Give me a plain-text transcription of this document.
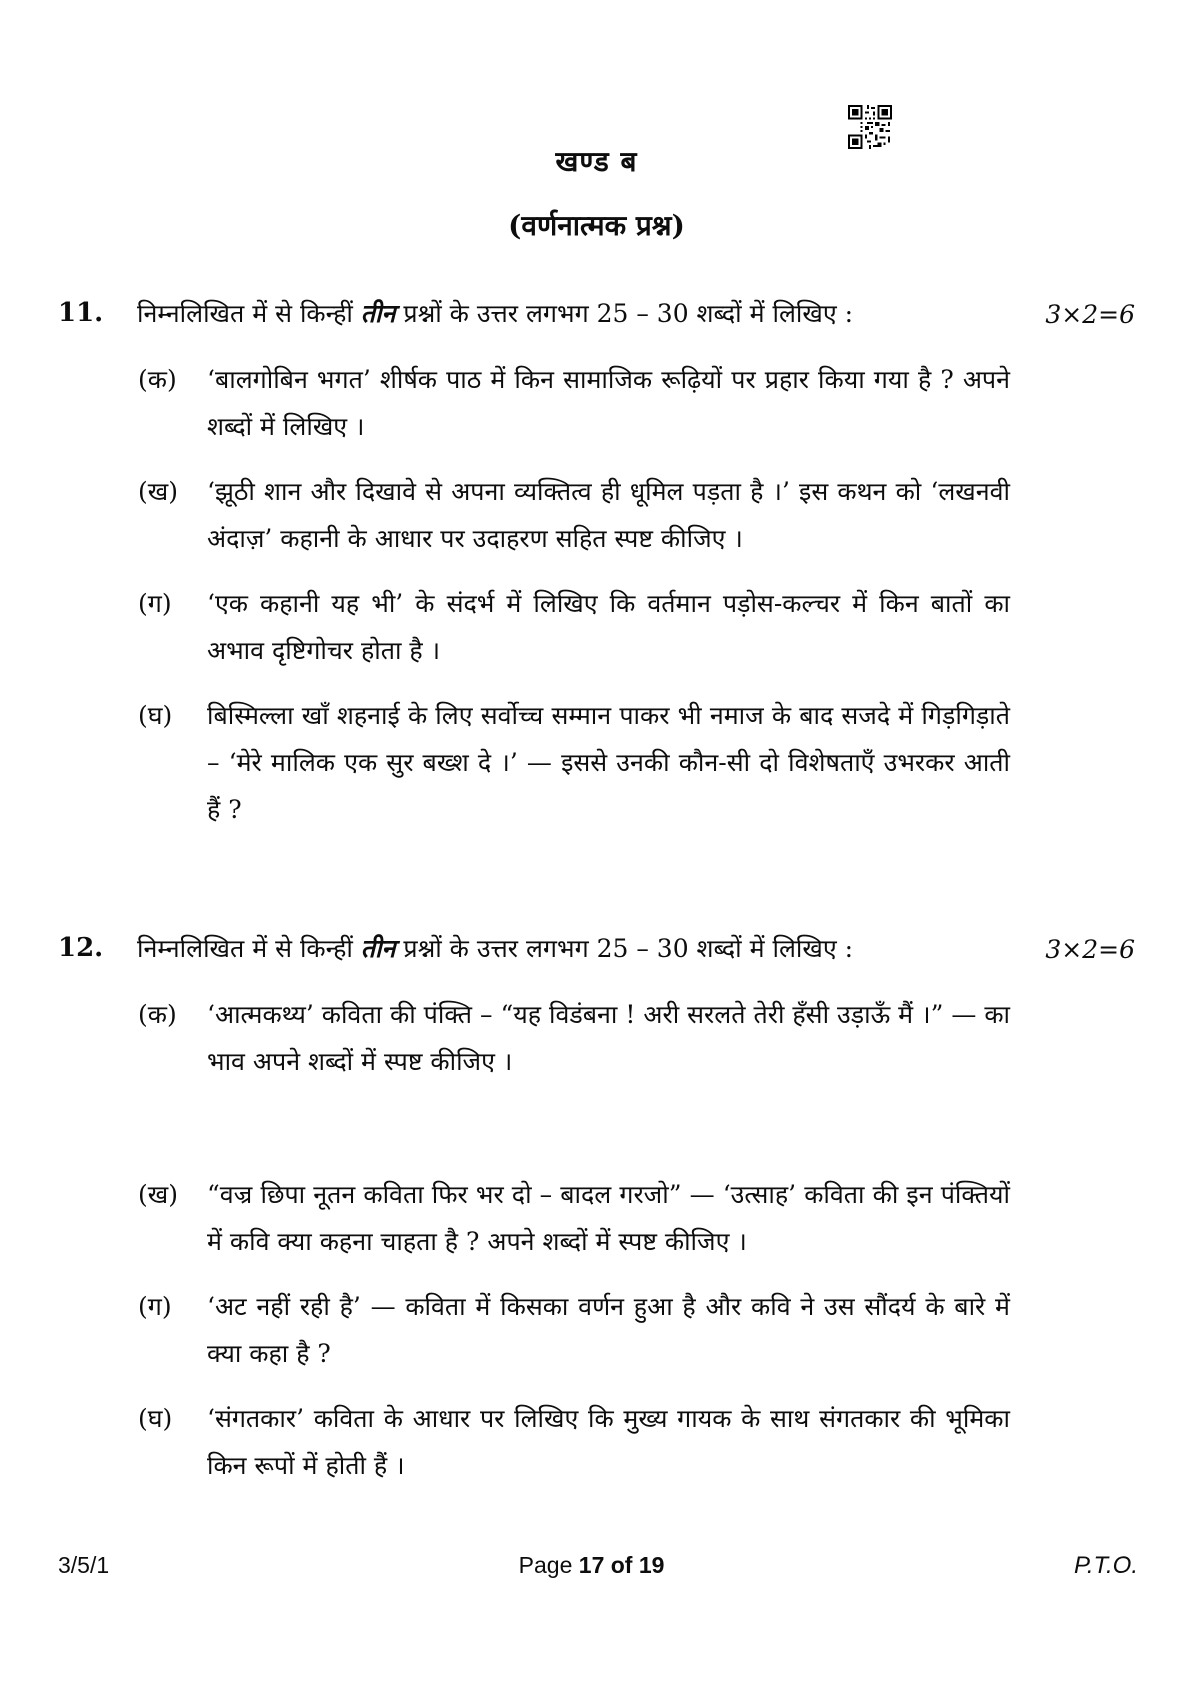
खण्ड ब
(वर्णनात्मक प्रश्न)
11.	निम्नलिखित में से किन्हीं तीन प्रश्नों के उत्तर लगभग 25 – 30 शब्दों में लिखिए :	3×2=6
(क)	‘बालगोबिन भगत’ शीर्षक पाठ में किन सामाजिक रूढ़ियों पर प्रहार किया गया है ? अपने शब्दों में लिखिए ।
(ख)	‘झूठी शान और दिखावे से अपना व्यक्तित्व ही धूमिल पड़ता है ।’ इस कथन को ‘लखनवी अंदाज़’ कहानी के आधार पर उदाहरण सहित स्पष्ट कीजिए ।
(ग)	‘एक कहानी यह भी’ के संदर्भ में लिखिए कि वर्तमान पड़ोस-कल्चर में किन बातों का अभाव दृष्टिगोचर होता है ।
(घ)	बिस्मिल्ला खाँ शहनाई के लिए सर्वोच्च सम्मान पाकर भी नमाज के बाद सजदे में गिड़गिड़ाते – ‘मेरे मालिक एक सुर बख्श दे ।’ — इससे उनकी कौन-सी दो विशेषताएँ उभरकर आती हैं ?
12.	निम्नलिखित में से किन्हीं तीन प्रश्नों के उत्तर लगभग 25 – 30 शब्दों में लिखिए :	3×2=6
(क)	‘आत्मकथ्य’ कविता की पंक्ति – “यह विडंबना ! अरी सरलते तेरी हँसी उड़ाऊँ मैं ।” — का भाव अपने शब्दों में स्पष्ट कीजिए ।
(ख)	“वज्र छिपा नूतन कविता फिर भर दो – बादल गरजो” — ‘उत्साह’ कविता की इन पंक्तियों में कवि क्या कहना चाहता है ? अपने शब्दों में स्पष्ट कीजिए ।
(ग)	‘अट नहीं रही है’ — कविता में किसका वर्णन हुआ है और कवि ने उस सौंदर्य के बारे में क्या कहा है ?
(घ)	‘संगतकार’ कविता के आधार पर लिखिए कि मुख्य गायक के साथ संगतकार की भूमिका किन रूपों में होती हैं ।
3/5/1	Page 17 of 19	P.T.O.
